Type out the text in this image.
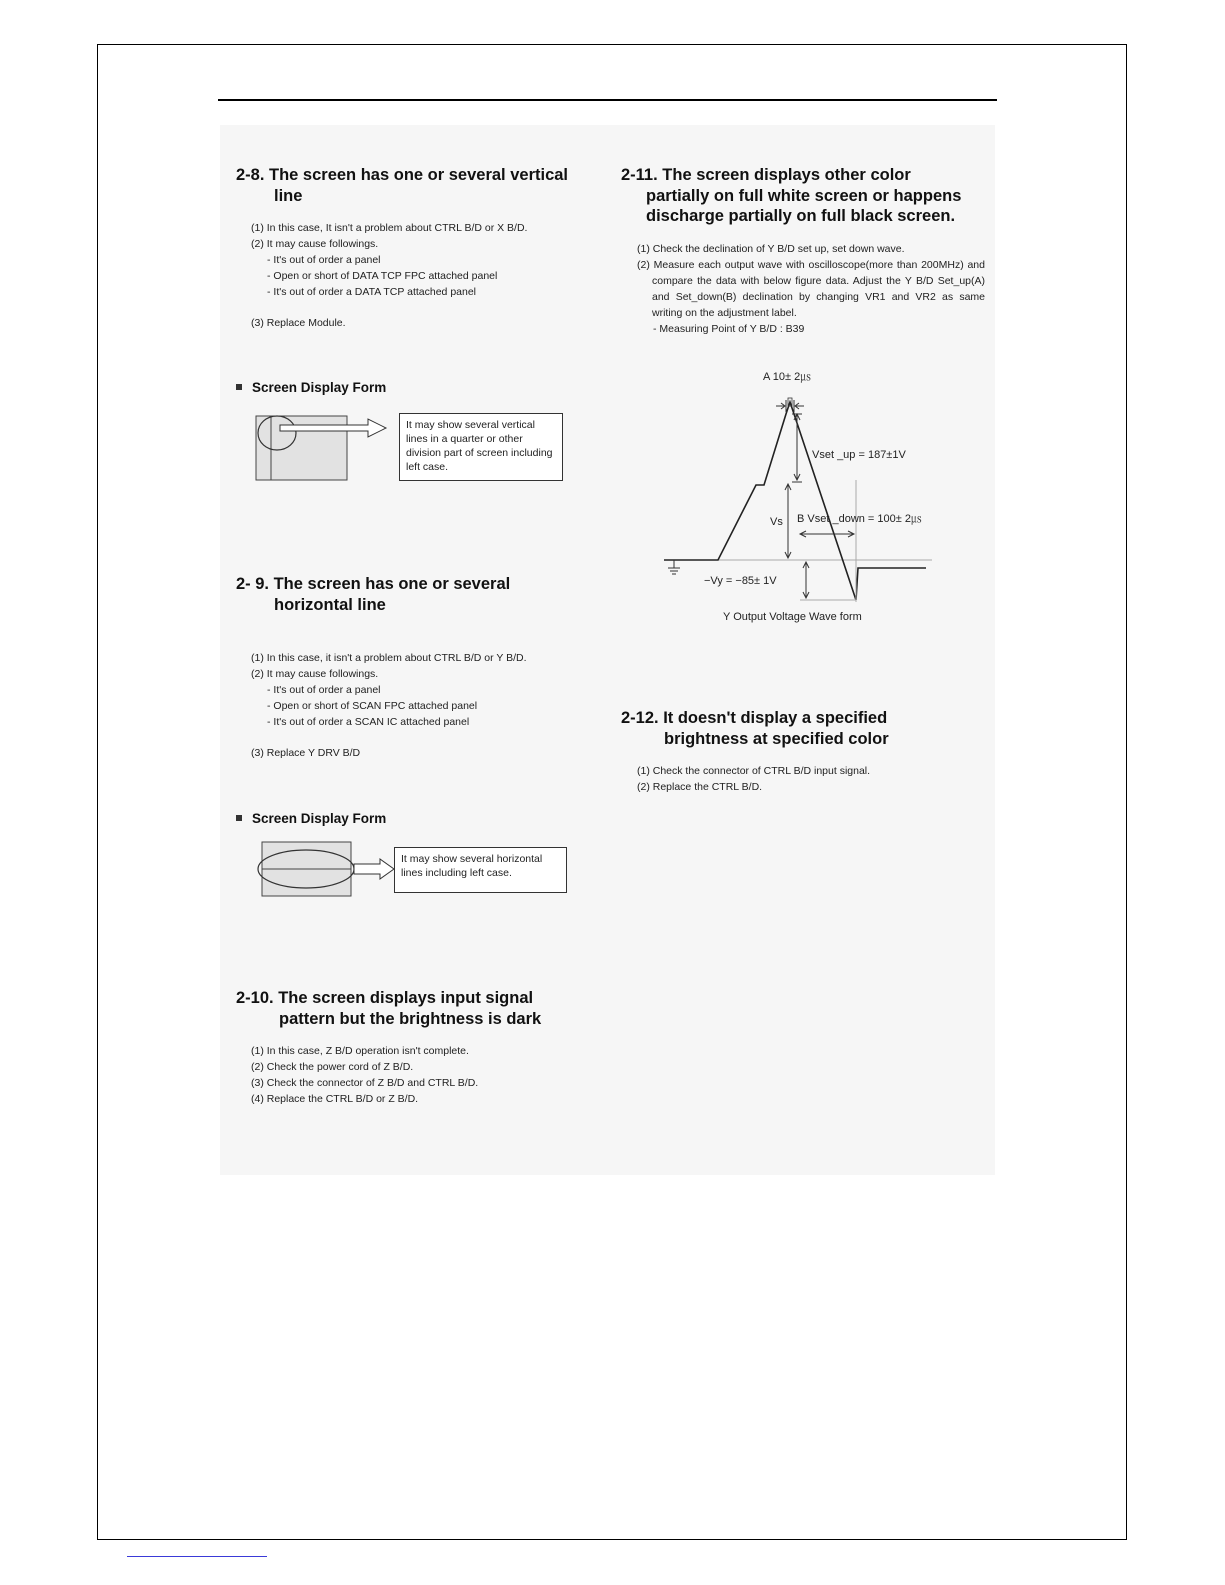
2-8. The screen has one or several vertical
line
(1) In this case, It isn't a problem about CTRL B/D or X B/D.
(2) It may cause followings.
- It's out of order a panel
- Open or short of DATA TCP FPC attached panel
- It's out of order a DATA TCP attached panel
(3) Replace Module.
Screen Display Form
It may show several vertical lines in a quarter or other division part of screen including left case.
2- 9. The screen has one or several
horizontal line
(1) In this case, it isn't a problem about CTRL B/D or Y B/D.
(2) It may cause followings.
- It's out of order a panel
- Open or short of SCAN FPC attached panel
- It's out of order a SCAN IC attached panel
(3) Replace Y DRV B/D
Screen Display Form
It may show several horizontal lines including left case.
2-10. The screen displays input signal
pattern but the brightness is dark
(1) In this case, Z B/D operation isn't complete.
(2) Check the power cord of Z B/D.
(3) Check the connector of Z B/D and CTRL B/D.
(4) Replace the CTRL B/D or Z B/D.
2-11. The screen displays other color
partially on full white screen or happens
discharge partially on full black screen.
(1) Check the declination of Y B/D set up, set down wave.
(2) Measure each output wave with oscilloscope(more than 200MHz) and compare the data with below figure data. Adjust the Y B/D Set_up(A) and Set_down(B) declination by changing VR1 and VR2 as same writing on the adjustment label.
- Measuring Point of Y B/D : B39
A 10± 2㎲
Vset _up = 187±1V
Vs B Vset _down = 100± 2㎲
−Vy = −85± 1V
Y Output Voltage Wave form
2-12. It doesn't display a specified
brightness at specified color
(1) Check the connector of CTRL B/D input signal.
(2) Replace the CTRL B/D.
